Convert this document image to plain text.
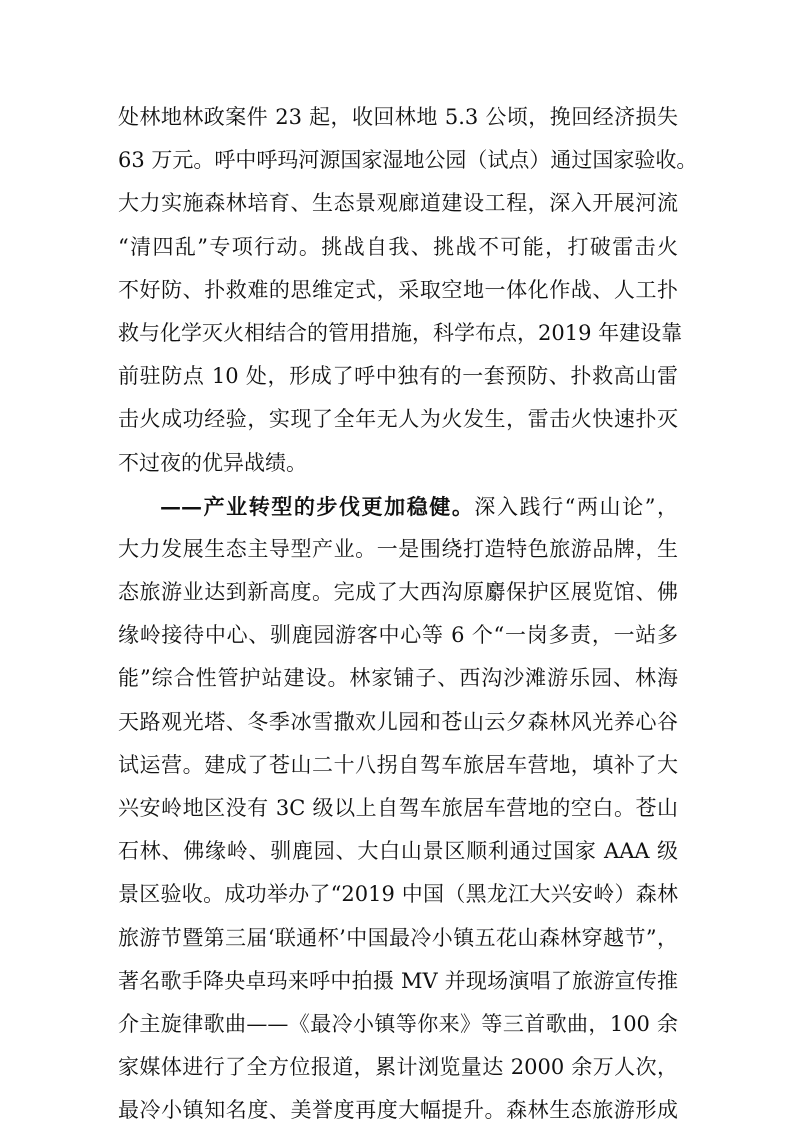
处林地林政案件 23 起，收回林地 5.3 公顷，挽回经济损失
63 万元。呼中呼玛河源国家湿地公园（试点）通过国家验收。
大力实施森林培育、生态景观廊道建设工程，深入开展河流
“清四乱”专项行动。挑战自我、挑战不可能，打破雷击火
不好防、扑救难的思维定式，采取空地一体化作战、人工扑
救与化学灭火相结合的管用措施，科学布点，2019 年建设靠
前驻防点 10 处，形成了呼中独有的一套预防、扑救高山雷
击火成功经验，实现了全年无人为火发生，雷击火快速扑灭
不过夜的优异战绩。
——产业转型的步伐更加稳健。深入践行“两山论”，
大力发展生态主导型产业。一是围绕打造特色旅游品牌，生
态旅游业达到新高度。完成了大西沟原麝保护区展览馆、佛
缘岭接待中心、驯鹿园游客中心等 6 个“一岗多责，一站多
能”综合性管护站建设。林家铺子、西沟沙滩游乐园、林海
天路观光塔、冬季冰雪撒欢儿园和苍山云夕森林风光养心谷
试运营。建成了苍山二十八拐自驾车旅居车营地，填补了大
兴安岭地区没有 3C 级以上自驾车旅居车营地的空白。苍山
石林、佛缘岭、驯鹿园、大白山景区顺利通过国家 AAA 级
景区验收。成功举办了“2019 中国（黑龙江大兴安岭）森林
旅游节暨第三届‘联通杯’中国最冷小镇五花山森林穿越节”，
著名歌手降央卓玛来呼中拍摄 MV 并现场演唱了旅游宣传推
介主旋律歌曲——《最冷小镇等你来》等三首歌曲，100 余
家媒体进行了全方位报道，累计浏览量达 2000 余万人次，
最冷小镇知名度、美誉度再度大幅提升。森林生态旅游形成
